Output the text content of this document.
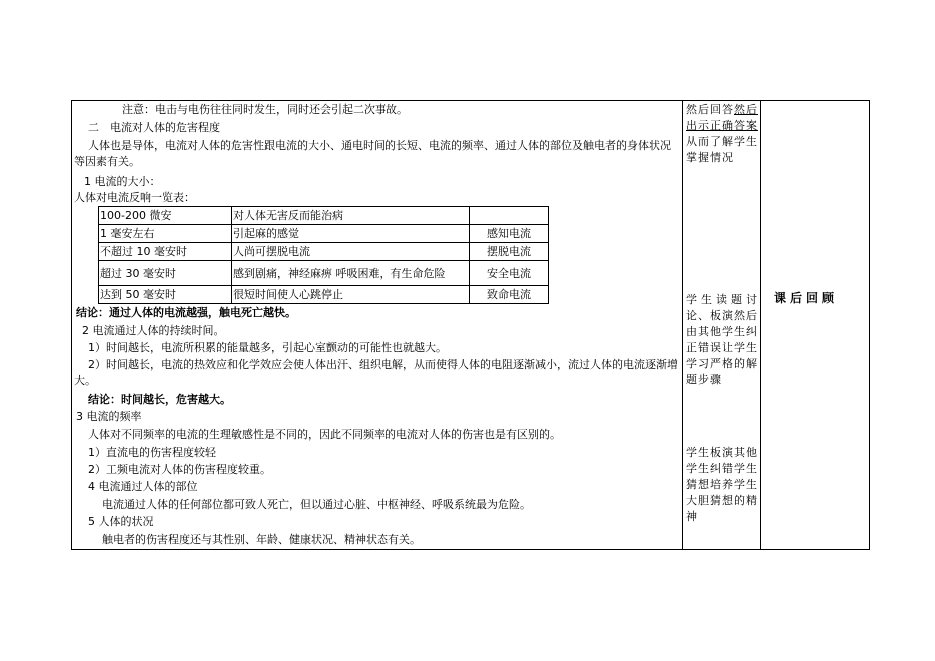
注意：电击与电伤往往同时发生，同时还会引起二次事故。
二　电流对人体的危害程度
人体也是导体，电流对人体的危害性跟电流的大小、通电时间的长短、电流的频率、通过人体的部位及触电者的身体状况等因素有关。
1 电流的大小：
人体对电流反响一览表：
100-200 微安	对人体无害反而能治病	
1 毫安左右	引起麻的感觉	感知电流
不超过 10 毫安时	人尚可摆脱电流	摆脱电流
超过 30 毫安时	感到剧痛，神经麻痹 呼吸困难，有生命危险	安全电流
达到 50 毫安时	很短时间使人心跳停止	致命电流
结论：通过人体的电流越强，触电死亡越快。
2 电流通过人体的持续时间。
1）时间越长，电流所积累的能量越多，引起心室颤动的可能性也就越大。
2）时间越长，电流的热效应和化学效应会使人体出汗、组织电解，从而使得人体的电阻逐渐减小，流过人体的电流逐渐增大。
结论：时间越长，危害越大。
3 电流的频率
人体对不同频率的电流的生理敏感性是不同的，因此不同频率的电流对人体的伤害也是有区别的。
1）直流电的伤害程度较轻
2）工频电流对人体的伤害程度较重。
4 电流通过人体的部位
电流通过人体的任何部位都可致人死亡，但以通过心脏、中枢神经、呼吸系统最为危险。
5 人体的状况
触电者的伤害程度还与其性别、年龄、健康状况、精神状态有关。
然后回答然后出示正确答案从而了解学生掌握情况
学生读题讨论、板演然后由其他学生纠正错误让学生学习严格的解题步骤
学生板演其他学生纠错学生猜想培养学生大胆猜想的精神
课后回顾
